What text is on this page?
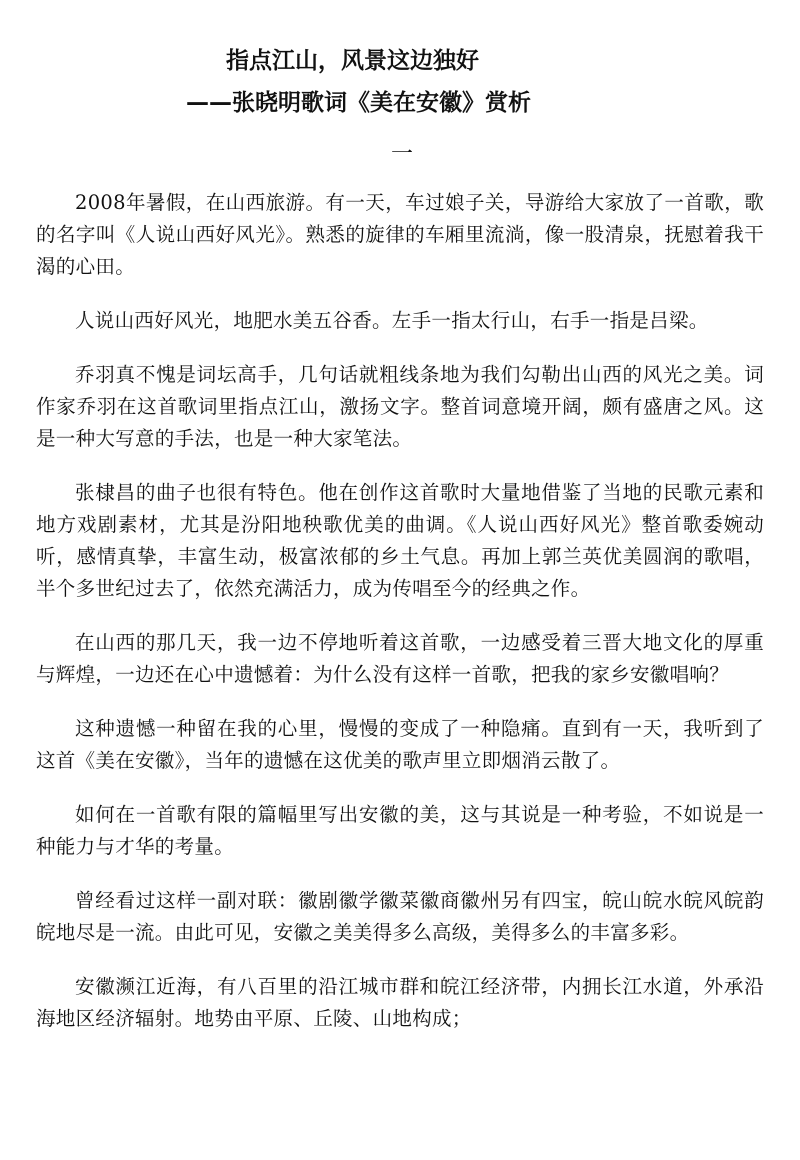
指点江山，风景这边独好
——张晓明歌词《美在安徽》赏析
一

2008年暑假，在山西旅游。有一天，车过娘子关，导游给大家放了一首歌，歌的名字叫《人说山西好风光》。熟悉的旋律的车厢里流淌，像一股清泉，抚慰着我干渴的心田。

人说山西好风光，地肥水美五谷香。左手一指太行山，右手一指是吕梁。

乔羽真不愧是词坛高手，几句话就粗线条地为我们勾勒出山西的风光之美。词作家乔羽在这首歌词里指点江山，激扬文字。整首词意境开阔，颇有盛唐之风。这是一种大写意的手法，也是一种大家笔法。

张棣昌的曲子也很有特色。他在创作这首歌时大量地借鉴了当地的民歌元素和地方戏剧素材，尤其是汾阳地秧歌优美的曲调。《人说山西好风光》整首歌委婉动听，感情真挚，丰富生动，极富浓郁的乡土气息。再加上郭兰英优美圆润的歌唱，半个多世纪过去了，依然充满活力，成为传唱至今的经典之作。

在山西的那几天，我一边不停地听着这首歌，一边感受着三晋大地文化的厚重与辉煌，一边还在心中遗憾着：为什么没有这样一首歌，把我的家乡安徽唱响？

这种遗憾一种留在我的心里，慢慢的变成了一种隐痛。直到有一天，我听到了这首《美在安徽》，当年的遗憾在这优美的歌声里立即烟消云散了。

如何在一首歌有限的篇幅里写出安徽的美，这与其说是一种考验，不如说是一种能力与才华的考量。

曾经看过这样一副对联：徽剧徽学徽菜徽商徽州另有四宝，皖山皖水皖风皖韵皖地尽是一流。由此可见，安徽之美美得多么高级，美得多么的丰富多彩。

安徽濒江近海，有八百里的沿江城市群和皖江经济带，内拥长江水道，外承沿海地区经济辐射。地势由平原、丘陵、山地构成；
